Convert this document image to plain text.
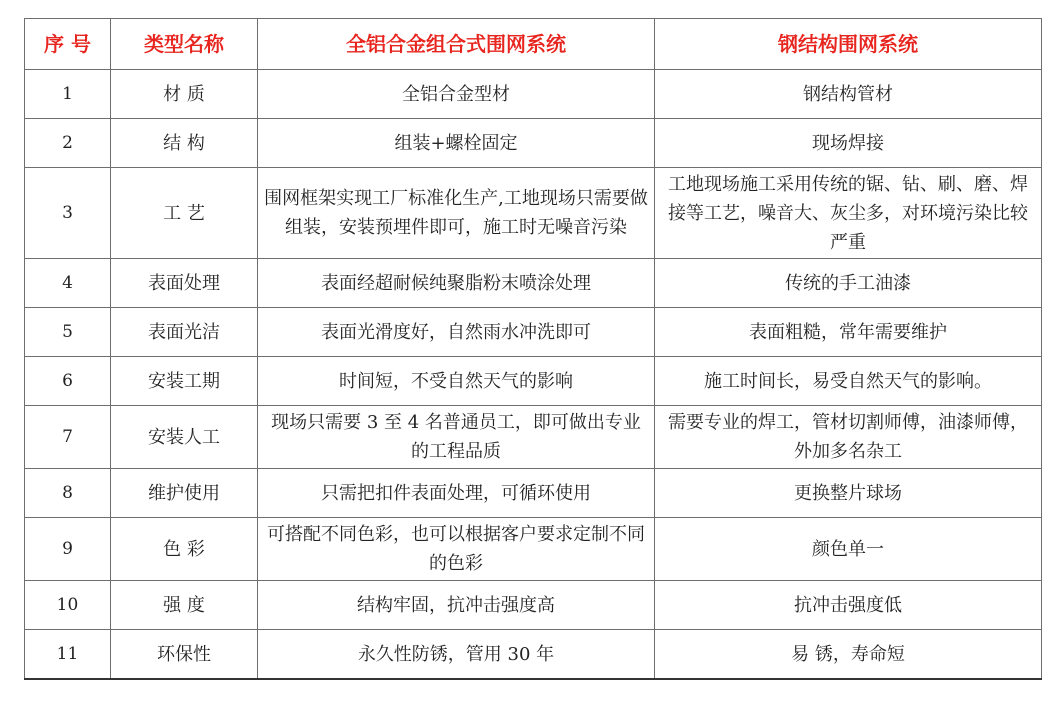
序 号	类型名称	全铝合金组合式围网系统	钢结构围网系统
1	材 质	全铝合金型材	钢结构管材
2	结 构	组装+螺栓固定	现场焊接
3	工 艺	围网框架实现工厂标准化生产,工地现场只需要做组装，安装预埋件即可，施工时无噪音污染	工地现场施工采用传统的锯、钻、刷、磨、焊接等工艺，噪音大、灰尘多，对环境污染比较严重
4	表面处理	表面经超耐候纯聚脂粉末喷涂处理	传统的手工油漆
5	表面光洁	表面光滑度好，自然雨水冲洗即可	表面粗糙，常年需要维护
6	安装工期	时间短，不受自然天气的影响	施工时间长，易受自然天气的影响。
7	安装人工	现场只需要 3 至 4 名普通员工，即可做出专业的工程品质	需要专业的焊工，管材切割师傅，油漆师傅，外加多名杂工
8	维护使用	只需把扣件表面处理，可循环使用	更换整片球场
9	色 彩	可搭配不同色彩，也可以根据客户要求定制不同的色彩	颜色单一
10	强 度	结构牢固，抗冲击强度高	抗冲击强度低
11	环保性	永久性防锈，管用 30 年	易 锈，寿命短
